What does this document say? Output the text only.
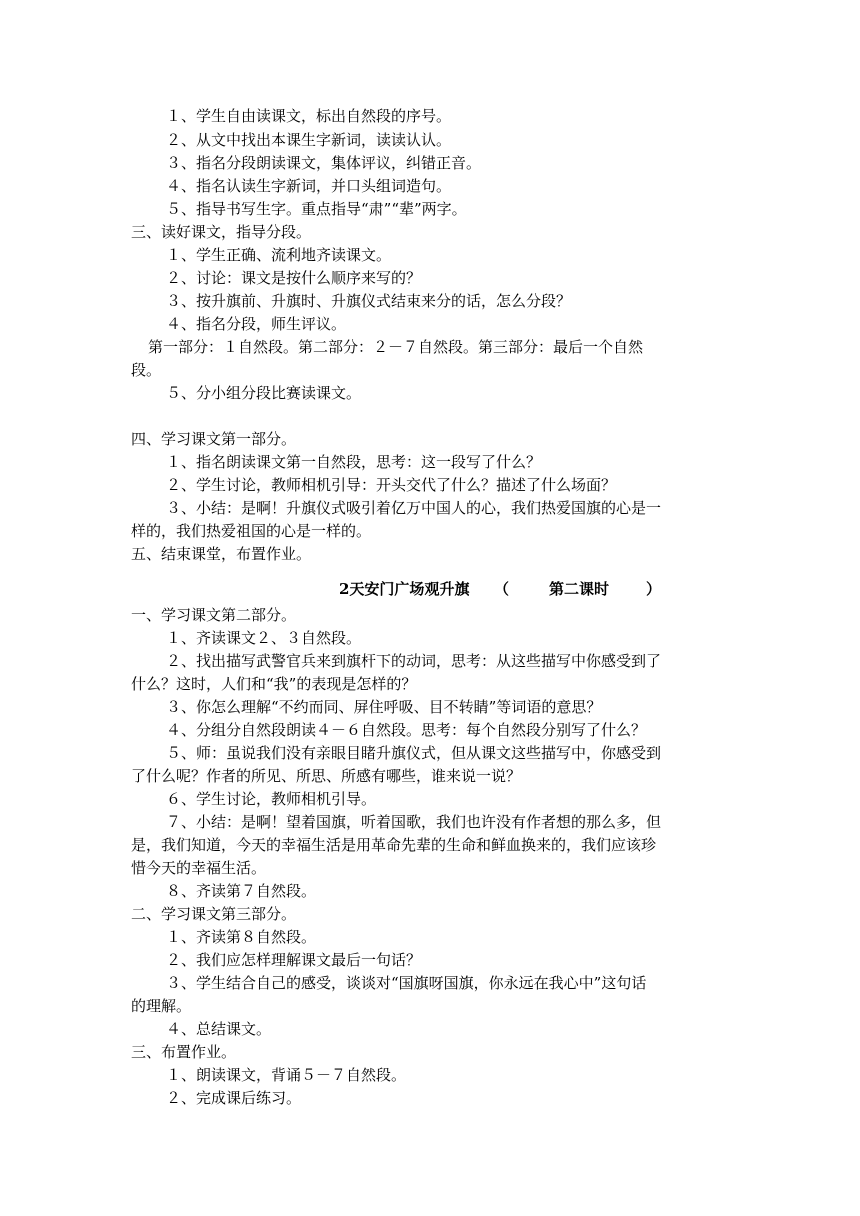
１、学生自由读课文，标出自然段的序号。
２、从文中找出本课生字新词，读读认认。
３、指名分段朗读课文，集体评议，纠错正音。
４、指名认读生字新词，并口头组词造句。
５、指导书写生字。重点指导“肃”“辈”两字。
三、读好课文，指导分段。
１、学生正确、流利地齐读课文。
２、讨论：课文是按什么顺序来写的？
３、按升旗前、升旗时、升旗仪式结束来分的话，怎么分段？
４、指名分段，师生评议。
第一部分：１自然段。第二部分：２－７自然段。第三部分：最后一个自然
段。
５、分小组分段比赛读课文。
四、学习课文第一部分。
１、指名朗读课文第一自然段，思考：这一段写了什么？
２、学生讨论，教师相机引导：开头交代了什么？描述了什么场面？
３、小结：是啊！升旗仪式吸引着亿万中国人的心，我们热爱国旗的心是一
样的，我们热爱祖国的心是一样的。
五、结束课堂，布置作业。
一、学习课文第二部分。
１、齐读课文２、３自然段。
２、找出描写武警官兵来到旗杆下的动词，思考：从这些描写中你感受到了
什么？这时，人们和“我”的表现是怎样的？
３、你怎么理解“不约而同、屏住呼吸、目不转睛”等词语的意思？
４、分组分自然段朗读４－６自然段。思考：每个自然段分别写了什么？
５、师：虽说我们没有亲眼目睹升旗仪式，但从课文这些描写中，你感受到
了什么呢？作者的所见、所思、所感有哪些，谁来说一说？
６、学生讨论，教师相机引导。
７、小结：是啊！望着国旗，听着国歌，我们也许没有作者想的那么多，但
是，我们知道，今天的幸福生活是用革命先辈的生命和鲜血换来的，我们应该珍
惜今天的幸福生活。
８、齐读第７自然段。
二、学习课文第三部分。
１、齐读第８自然段。
２、我们应怎样理解课文最后一句话？
３、学生结合自己的感受，谈谈对“国旗呀国旗，你永远在我心中”这句话
的理解。
４、总结课文。
三、布置作业。
１、朗读课文，背诵５－７自然段。
２、完成课后练习。
2天安门广场观升旗 （	第二课时 ）
